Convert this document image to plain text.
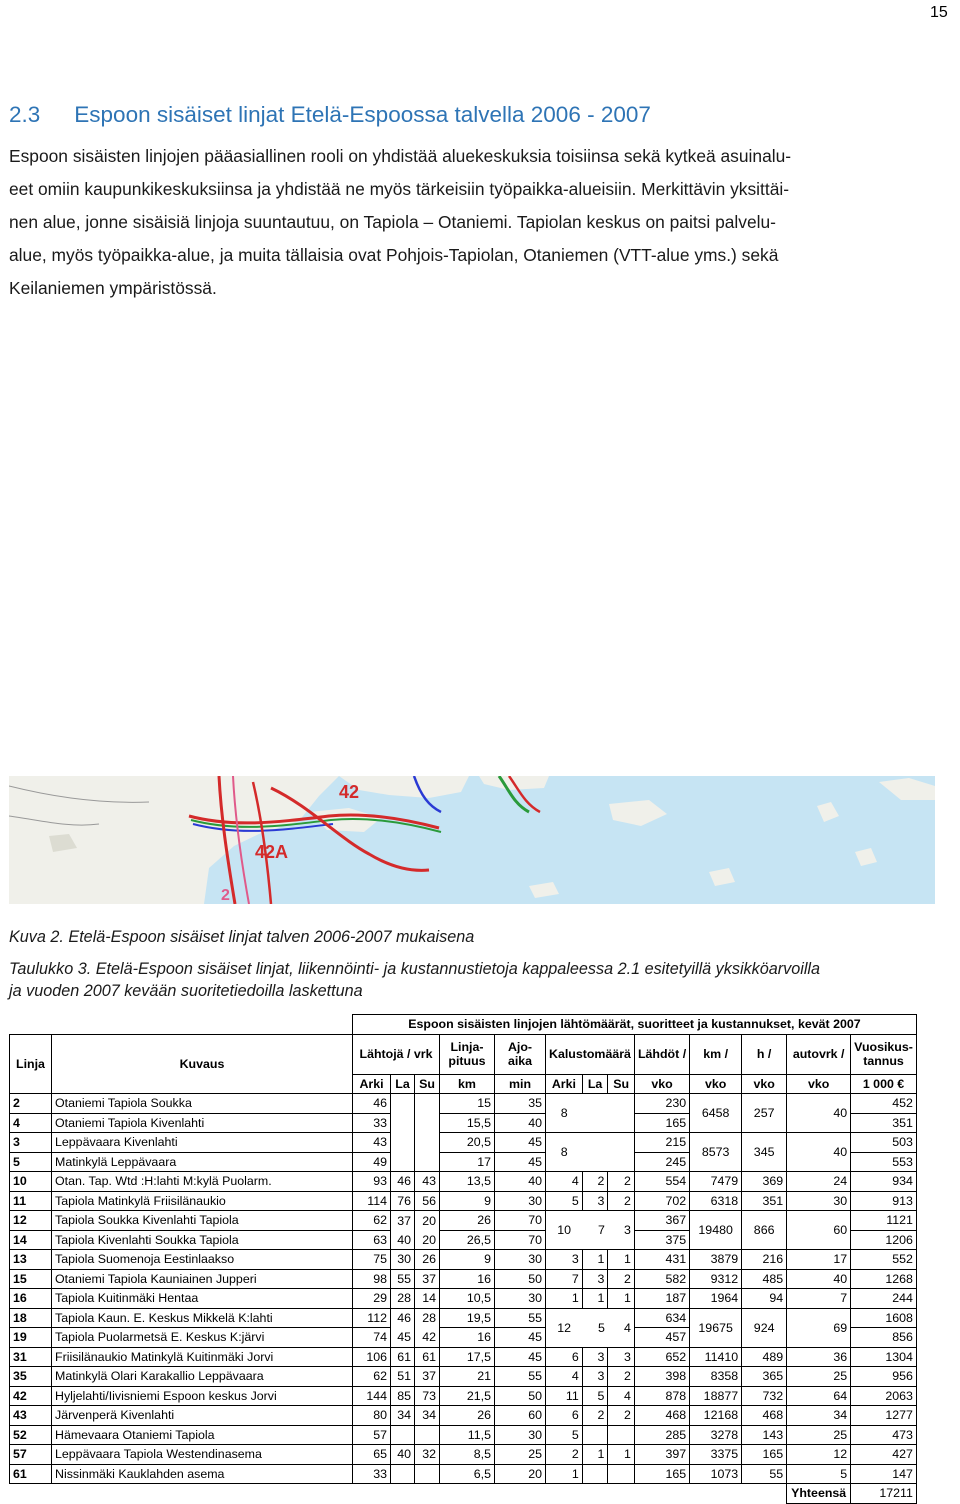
15
2.3 Espoon sisäiset linjat Etelä-Espoossa talvella 2006 - 2007
Espoon sisäisten linjojen pääasiallinen rooli on yhdistää aluekeskuksia toisiinsa sekä kytkeä asuinalu-
eet omiin kaupunkikeskuksiinsa ja yhdistää ne myös tärkeisiin työpaikka-alueisiin. Merkittävin yksittäi-
nen alue, jonne sisäisiä linjoja suuntautuu, on Tapiola – Otaniemi. Tapiolan keskus on paitsi palvelu-
alue, myös työpaikka-alue, ja muita tällaisia ovat Pohjois-Tapiolan, Otaniemen (VTT-alue yms.) sekä
Keilaniemen ympäristössä.
42
42A
2

Kuva 2. Etelä-Espoon sisäiset linjat talven 2006-2007 mukaisena

Taulukko 3. Etelä-Espoon sisäiset linjat, liikennöinti- ja kustannustietoja kappaleessa 2.1 esitetyillä yksikköarvoilla
ja vuoden 2007 kevään suoritetiedoilla laskettuna

		Espoon sisäisten linjojen lähtömäärät, suoritteet ja kustannukset, kevät 2007												
Linja	Kuvaus	Lähtojä / vrk			Linja-
pituus	Ajo-
aika	Kalustomäärä			Lähdöt /	km /	h /	autovrk /	Vuosikus-
tannus
		Arki	La	Su	km	min	Arki	La	Su	vko	vko	vko	vko	1 000 €
2	Otaniemi Tapiola Soukka	46			15	35	8			230	6458	257	40	452
4	Otaniemi Tapiola Kivenlahti	33			15,5	40				165				351
3	Leppävaara Kivenlahti	43			20,5	45	8			215	8573	345	40	503
5	Matinkylä Leppävaara	49			17	45				245				553
10	Otan. Tap. Wtd :H:lahti M:kylä Puolarm.	93	46	43	13,5	40	4	2	2	554	7479	369	24	934
11	Tapiola Matinkylä Friisilänaukio	114	76	56	9	30	5	3	2	702	6318	351	30	913
12	Tapiola Soukka Kivenlahti Tapiola	62	37	20	26	70	10	7	3	367	19480	866	60	1121
14	Tapiola Kivenlahti Soukka Tapiola	63	40	20	26,5	70				375				1206
13	Tapiola Suomenoja Eestinlaakso	75	30	26	9	30	3	1	1	431	3879	216	17	552
15	Otaniemi Tapiola Kauniainen Jupperi	98	55	37	16	50	7	3	2	582	9312	485	40	1268
16	Tapiola Kuitinmäki Hentaa	29	28	14	10,5	30	1	1	1	187	1964	94	7	244
18	Tapiola Kaun. E. Keskus Mikkelä K:lahti	112	46	28	19,5	55	12	5	4	634	19675	924	69	1608
19	Tapiola Puolarmetsä E. Keskus K:järvi	74	45	42	16	45				457				856
31	Friisilänaukio Matinkylä Kuitinmäki Jorvi	106	61	61	17,5	45	6	3	3	652	11410	489	36	1304
35	Matinkylä Olari Karakallio Leppävaara	62	51	37	21	55	4	3	2	398	8358	365	25	956
42	Hyljelahti/Iivisniemi Espoon keskus Jorvi	144	85	73	21,5	50	11	5	4	878	18877	732	64	2063
43	Järvenperä Kivenlahti	80	34	34	26	60	6	2	2	468	12168	468	34	1277
52	Hämevaara Otaniemi Tapiola	57			11,5	30	5			285	3278	143	25	473
57	Leppävaara Tapiola Westendinasema	65	40	32	8,5	25	2	1	1	397	3375	165	12	427
61	Nissinmäki Kauklahden asema	33			6,5	20	1			165	1073	55	5	147
													Yhteensä	17211
